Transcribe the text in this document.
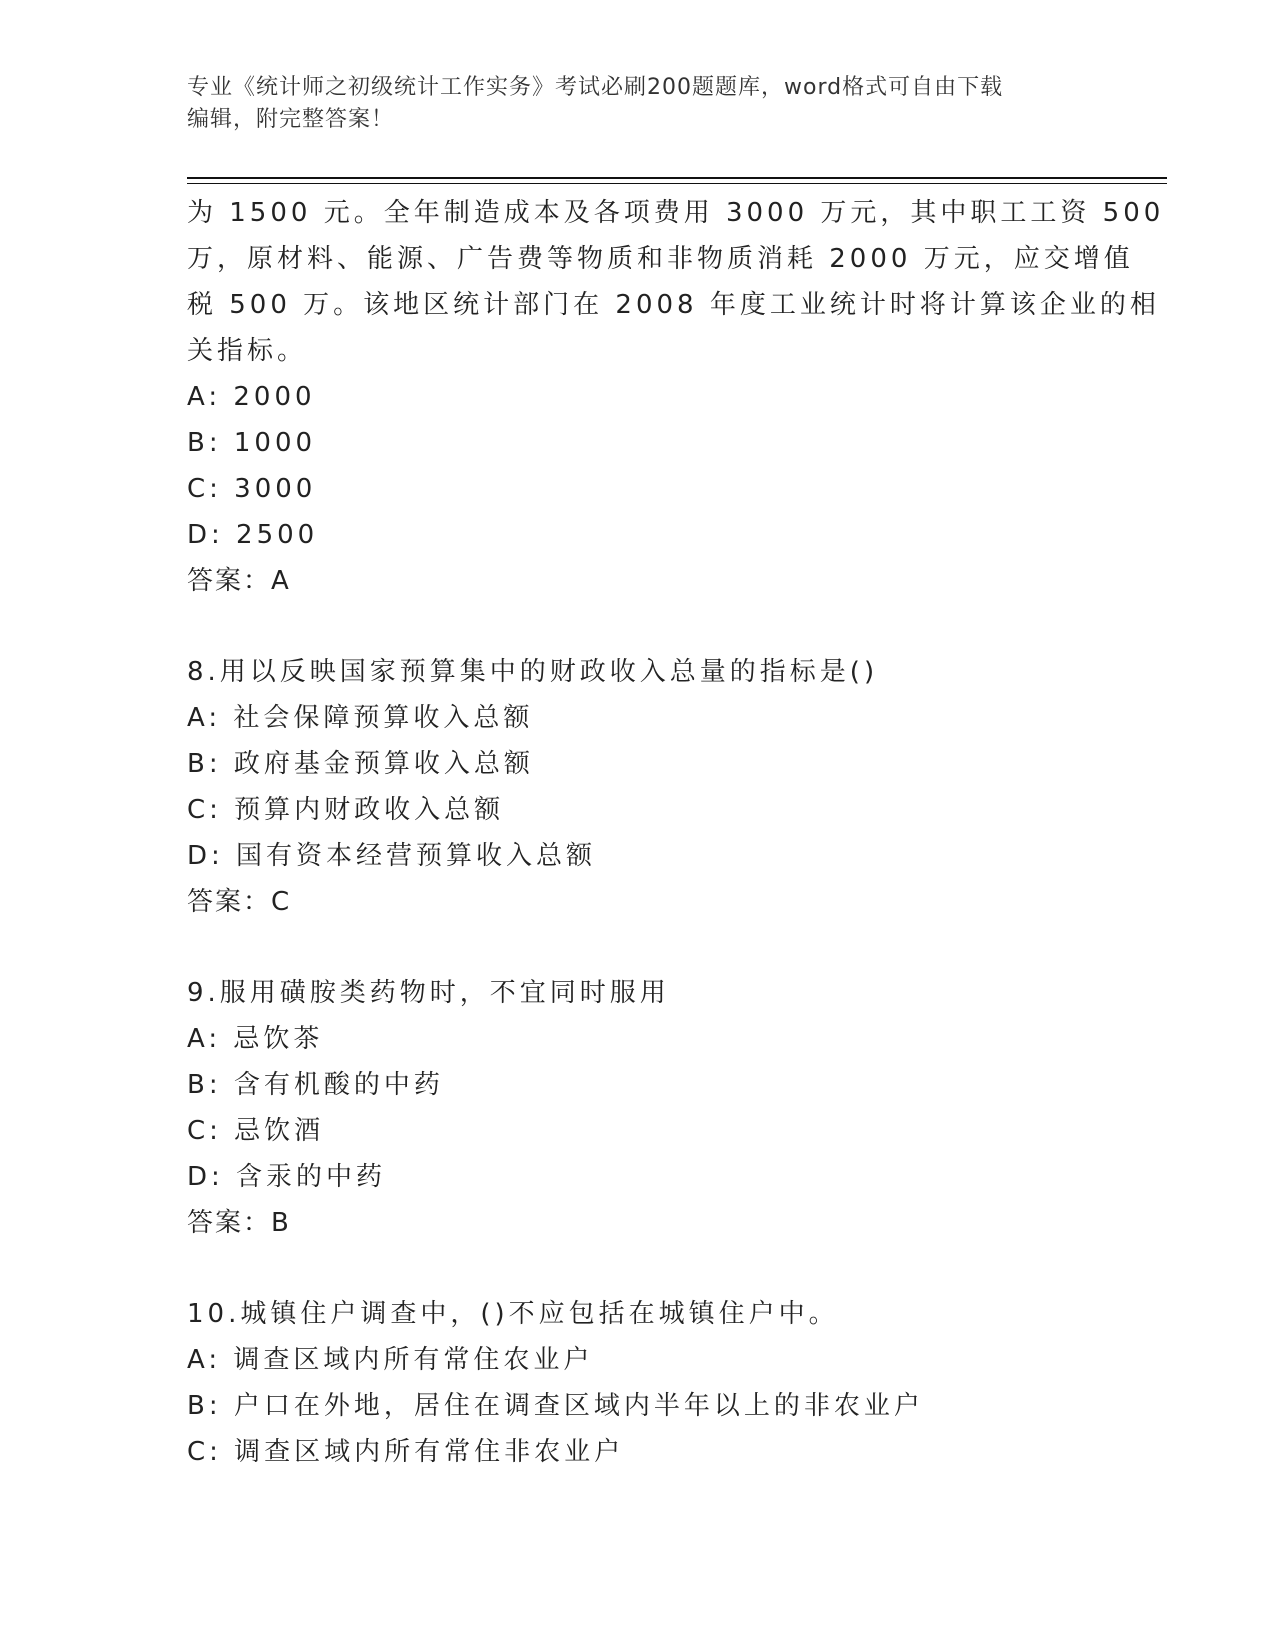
专业《统计师之初级统计工作实务》考试必刷200题题库，word格式可自由下载
编辑，附完整答案！
为 1500 元。全年制造成本及各项费用 3000 万元，其中职工工资 500
万，原材料、能源、广告费等物质和非物质消耗 2000 万元，应交增值
税 500 万。该地区统计部门在 2008 年度工业统计时将计算该企业的相
关指标。
A: 2000
B: 1000
C: 3000
D: 2500
答案：A
8.用以反映国家预算集中的财政收入总量的指标是()
A: 社会保障预算收入总额
B: 政府基金预算收入总额
C: 预算内财政收入总额
D: 国有资本经营预算收入总额
答案：C
9.服用磺胺类药物时，不宜同时服用
A: 忌饮茶
B: 含有机酸的中药
C: 忌饮酒
D: 含汞的中药
答案：B
10.城镇住户调查中，()不应包括在城镇住户中。
A: 调查区域内所有常住农业户
B: 户口在外地，居住在调查区域内半年以上的非农业户
C: 调查区域内所有常住非农业户
